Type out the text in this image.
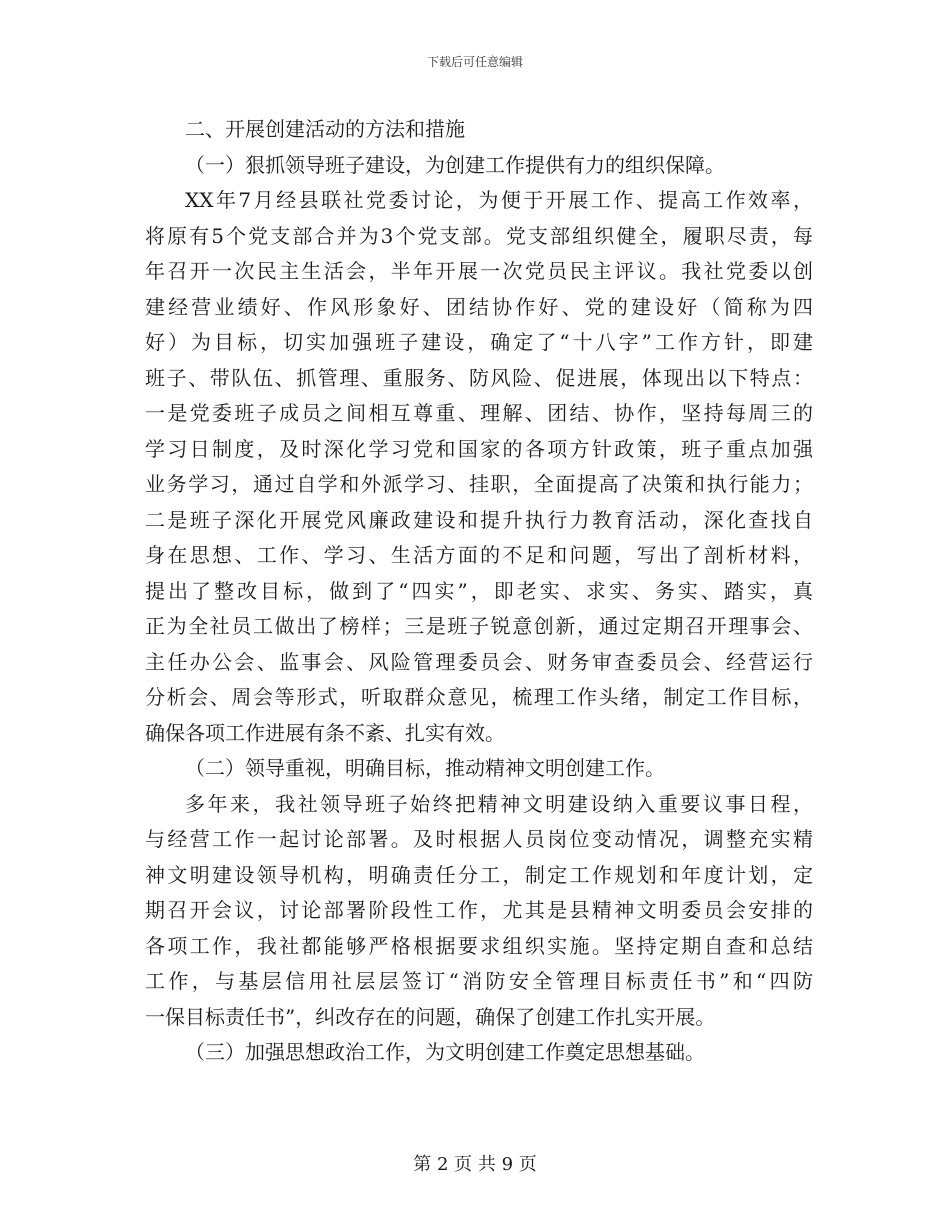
下载后可任意编辑
二、开展创建活动的方法和措施
（一）狠抓领导班子建设，为创建工作提供有力的组织保障。
XX年7月经县联社党委讨论，为便于开展工作、提高工作效率，
将原有5个党支部合并为3个党支部。党支部组织健全，履职尽责，每
年召开一次民主生活会，半年开展一次党员民主评议。我社党委以创
建经营业绩好、作风形象好、团结协作好、党的建设好（简称为四
好）为目标，切实加强班子建设，确定了“十八字”工作方针，即建
班子、带队伍、抓管理、重服务、防风险、促进展，体现出以下特点：
一是党委班子成员之间相互尊重、理解、团结、协作，坚持每周三的
学习日制度，及时深化学习党和国家的各项方针政策，班子重点加强
业务学习，通过自学和外派学习、挂职，全面提高了决策和执行能力；
二是班子深化开展党风廉政建设和提升执行力教育活动，深化查找自
身在思想、工作、学习、生活方面的不足和问题，写出了剖析材料，
提出了整改目标，做到了“四实”，即老实、求实、务实、踏实，真
正为全社员工做出了榜样；三是班子锐意创新，通过定期召开理事会、
主任办公会、监事会、风险管理委员会、财务审查委员会、经营运行
分析会、周会等形式，听取群众意见，梳理工作头绪，制定工作目标，
确保各项工作进展有条不紊、扎实有效。
（二）领导重视，明确目标，推动精神文明创建工作。
多年来，我社领导班子始终把精神文明建设纳入重要议事日程，
与经营工作一起讨论部署。及时根据人员岗位变动情况，调整充实精
神文明建设领导机构，明确责任分工，制定工作规划和年度计划，定
期召开会议，讨论部署阶段性工作，尤其是县精神文明委员会安排的
各项工作，我社都能够严格根据要求组织实施。坚持定期自查和总结
工作，与基层信用社层层签订“消防安全管理目标责任书”和“四防
一保目标责任书”，纠改存在的问题，确保了创建工作扎实开展。
（三）加强思想政治工作，为文明创建工作奠定思想基础。
第 2 页 共 9 页
